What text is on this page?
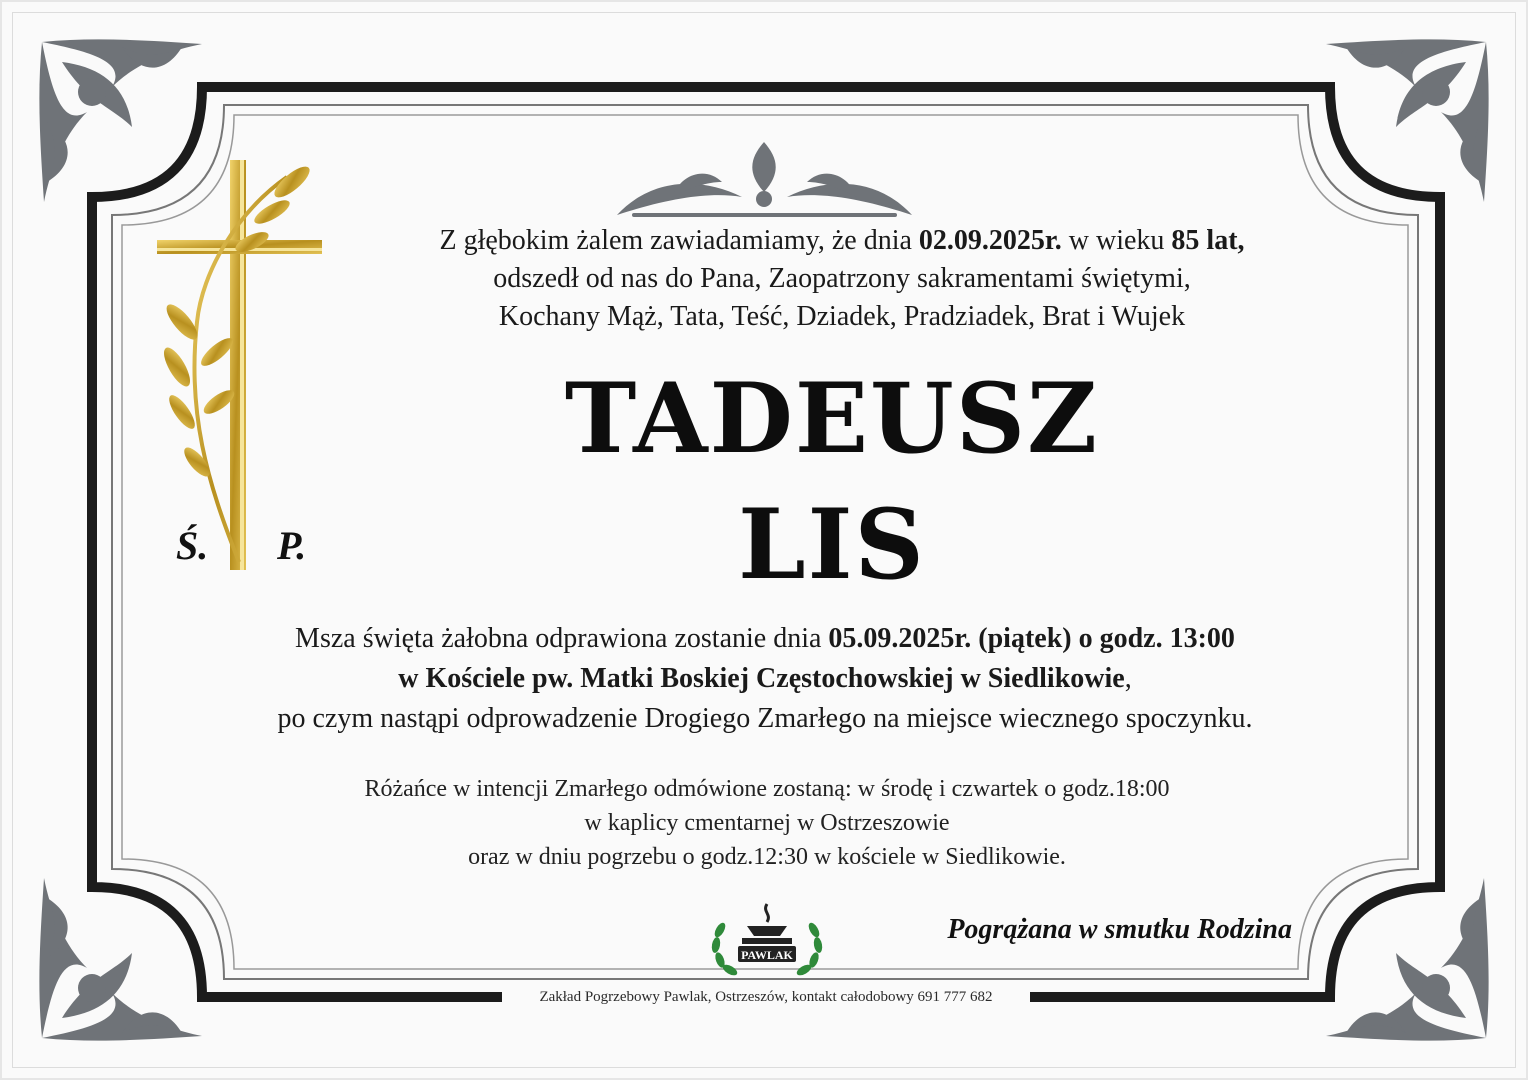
Ś. P.
Z głębokim żalem zawiadamiamy, że dnia 02.09.2025r. w wieku 85 lat,
odszedł od nas do Pana, Zaopatrzony sakramentami świętymi,
Kochany Mąż, Tata, Teść, Dziadek, Pradziadek, Brat i Wujek
TADEUSZ
LIS
Msza święta żałobna odprawiona zostanie dnia 05.09.2025r. (piątek) o godz. 13:00
w Kościele pw. Matki Boskiej Częstochowskiej w Siedlikowie,
po czym nastąpi odprowadzenie Drogiego Zmarłego na miejsce wiecznego spoczynku.
Różańce w intencji Zmarłego odmówione zostaną: w środę i czwartek o godz.18:00
w kaplicy cmentarnej w Ostrzeszowie
oraz w dniu pogrzebu o godz.12:30 w kościele w Siedlikowie.
PAWLAK
Pogrążana w smutku Rodzina
Zakład Pogrzebowy Pawlak, Ostrzeszów, kontakt całodobowy 691 777 682
